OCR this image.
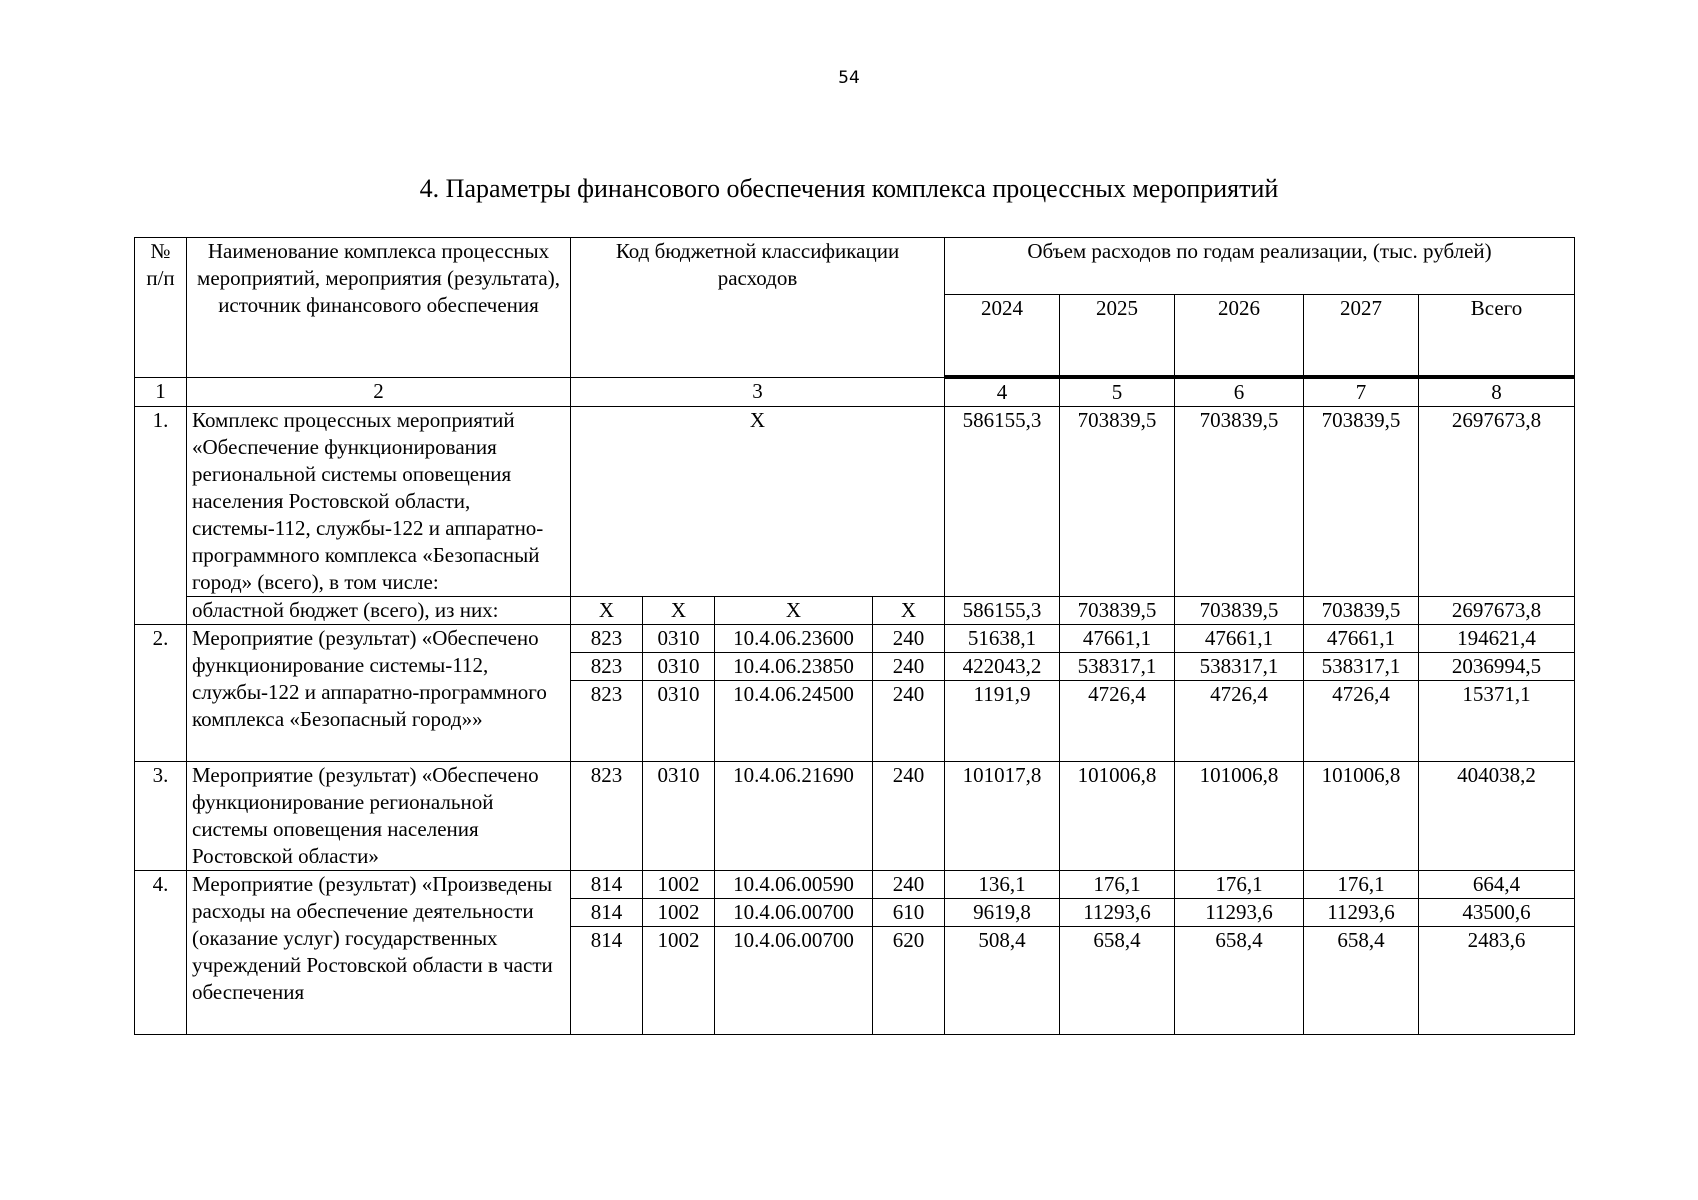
54
4. Параметры финансового обеспечения комплекса процессных мероприятий
№ п/п	Наименование комплекса процессных мероприятий, мероприятия (результата), источник финансового обеспечения	Код бюджетной классификации расходов				Объем расходов по годам реализации, (тыс. рублей)				
						2024	2025	2026	2027	Всего
1	2	3				4	5	6	7	8
1.	Комплекс процессных мероприятий «Обеспечение функционирования региональной системы оповещения населения Ростовской области, системы-112, службы-122 и аппаратно-программного комплекса «Безопасный город» (всего), в том числе:	Х				586155,3	703839,5	703839,5	703839,5	2697673,8
	областной бюджет (всего), из них:	Х	Х	Х	Х	586155,3	703839,5	703839,5	703839,5	2697673,8
2.	Мероприятие (результат) «Обеспечено функционирование системы-112, службы-122 и аппаратно-программного комплекса «Безопасный город»»	823	0310	10.4.06.23600	240	51638,1	47661,1	47661,1	47661,1	194621,4
		823	0310	10.4.06.23850	240	422043,2	538317,1	538317,1	538317,1	2036994,5
		823	0310	10.4.06.24500	240	1191,9	4726,4	4726,4	4726,4	15371,1
3.	Мероприятие (результат) «Обеспечено функционирование региональной системы оповещения населения Ростовской области»	823	0310	10.4.06.21690	240	101017,8	101006,8	101006,8	101006,8	404038,2
4.	Мероприятие (результат) «Произведены расходы на обеспечение деятельности (оказание услуг) государственных учреждений Ростовской области в части обеспечения	814	1002	10.4.06.00590	240	136,1	176,1	176,1	176,1	664,4
		814	1002	10.4.06.00700	610	9619,8	11293,6	11293,6	11293,6	43500,6
		814	1002	10.4.06.00700	620	508,4	658,4	658,4	658,4	2483,6
